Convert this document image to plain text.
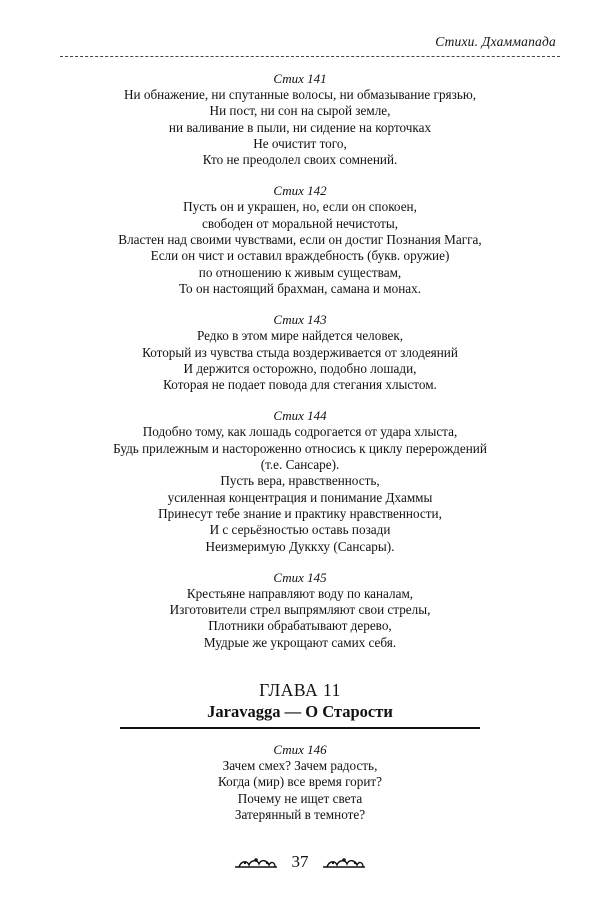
Стихи. Дхаммапада
Стих 141
Ни обнажение, ни спутанные волосы, ни обмазывание грязью,
Ни пост, ни сон на сырой земле,
ни валивание в пыли, ни сидение на корточках
Не очистит того,
Кто не преодолел своих сомнений.
Стих 142
Пусть он и украшен, но, если он спокоен,
свободен от моральной нечистоты,
Властен над своими чувствами, если он достиг Познания Магга,
Если он чист и оставил враждебность (букв. оружие)
по отношению к живым существам,
То он настоящий брахман, самана и монах.
Стих 143
Редко в этом мире найдется человек,
Который из чувства стыда воздерживается от злодеяний
И держится осторожно, подобно лошади,
Которая не подает повода для стегания хлыстом.
Стих 144
Подобно тому, как лошадь содрогается от удара хлыста,
Будь прилежным и настороженно относись к циклу перерождений
(т.е. Сансаре).
Пусть вера, нравственность,
усиленная концентрация и понимание Дхаммы
Принесут тебе знание и практику нравственности,
И с серьёзностью оставь позади
Неизмеримую Дуккху (Сансары).
Стих 145
Крестьяне направляют воду по каналам,
Изготовители стрел выпрямляют свои стрелы,
Плотники обрабатывают дерево,
Мудрые же укрощают самих себя.
ГЛАВА 11
Jaravagga — О Старости
Стих 146
Зачем смех? Зачем радость,
Когда (мир) все время горит?
Почему не ищет света
Затерянный в темноте?
37
